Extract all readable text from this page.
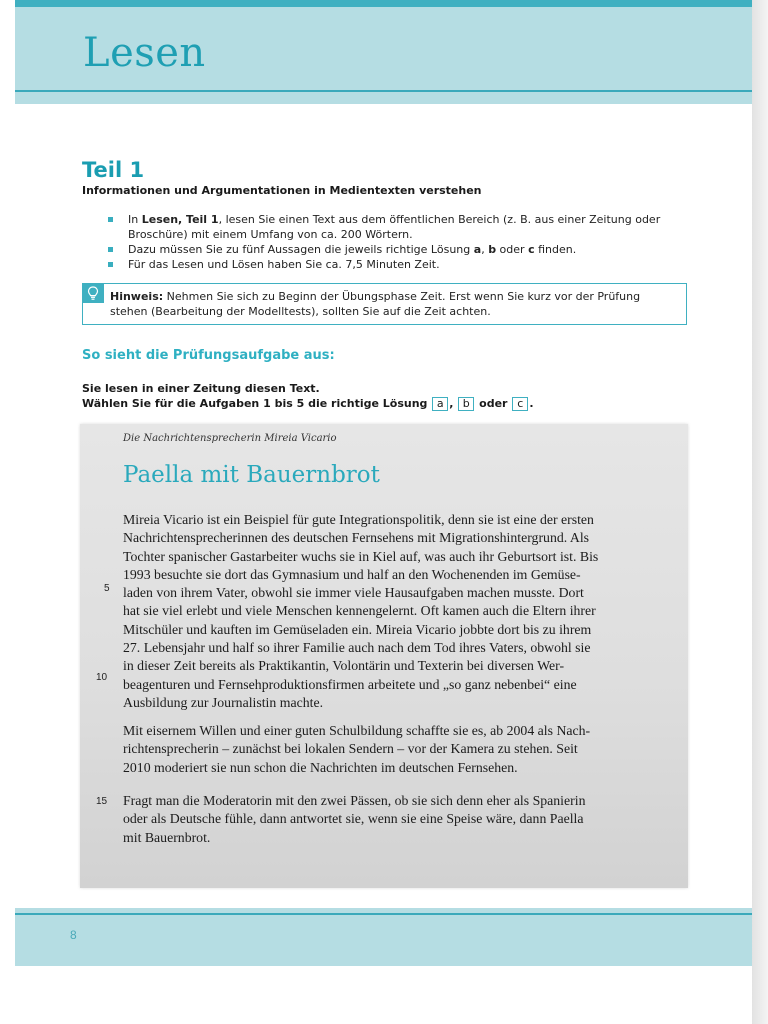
Lesen
Teil 1

Informationen und Argumentationen in Medientexten verstehen

In Lesen, Teil 1, lesen Sie einen Text aus dem öffentlichen Bereich (z. B. aus einer Zeitung oder Broschüre) mit einem Umfang von ca. 200 Wörtern.
Dazu müssen Sie zu fünf Aussagen die jeweils richtige Lösung a, b oder c finden.
Für das Lesen und Lösen haben Sie ca. 7,5 Minuten Zeit.

Hinweis: Nehmen Sie sich zu Beginn der Übungsphase Zeit. Erst wenn Sie kurz vor der Prüfung stehen (Bearbeitung der Modelltests), sollten Sie auf die Zeit achten.

So sieht die Prüfungsaufgabe aus:
Sie lesen in einer Zeitung diesen Text.
Wählen Sie für die Aufgaben 1 bis 5 die richtige Lösung a , b oder c .

Die Nachrichtensprecherin Mireia Vicario

Paella mit Bauernbrot

Mireia Vicario ist ein Beispiel für gute Integrationspolitik, denn sie ist eine der ersten
Nachrichtensprecherinnen des deutschen Fernsehens mit Migrationshintergrund. Als
Tochter spanischer Gastarbeiter wuchs sie in Kiel auf, was auch ihr Geburtsort ist. Bis
1993 besuchte sie dort das Gymnasium und half an den Wochenenden im Gemüse-
laden von ihrem Vater, obwohl sie immer viele Hausaufgaben machen musste. Dort
hat sie viel erlebt und viele Menschen kennengelernt. Oft kamen auch die Eltern ihrer
Mitschüler und kauften im Gemüseladen ein. Mireia Vicario jobbte dort bis zu ihrem
27. Lebensjahr und half so ihrer Familie auch nach dem Tod ihres Vaters, obwohl sie
in dieser Zeit bereits als Praktikantin, Volontärin und Texterin bei diversen Wer-
beagenturen und Fernsehproduktionsfirmen arbeitete und „so ganz nebenbei“ eine
Ausbildung zur Journalistin machte.

Mit eisernem Willen und einer guten Schulbildung schaffte sie es, ab 2004 als Nach-
richtensprecherin – zunächst bei lokalen Sendern – vor der Kamera zu stehen. Seit
2010 moderiert sie nun schon die Nachrichten im deutschen Fernsehen.

Fragt man die Moderatorin mit den zwei Pässen, ob sie sich denn eher als Spanierin
oder als Deutsche fühle, dann antwortet sie, wenn sie eine Speise wäre, dann Paella
mit Bauernbrot.

5
10
15

8
